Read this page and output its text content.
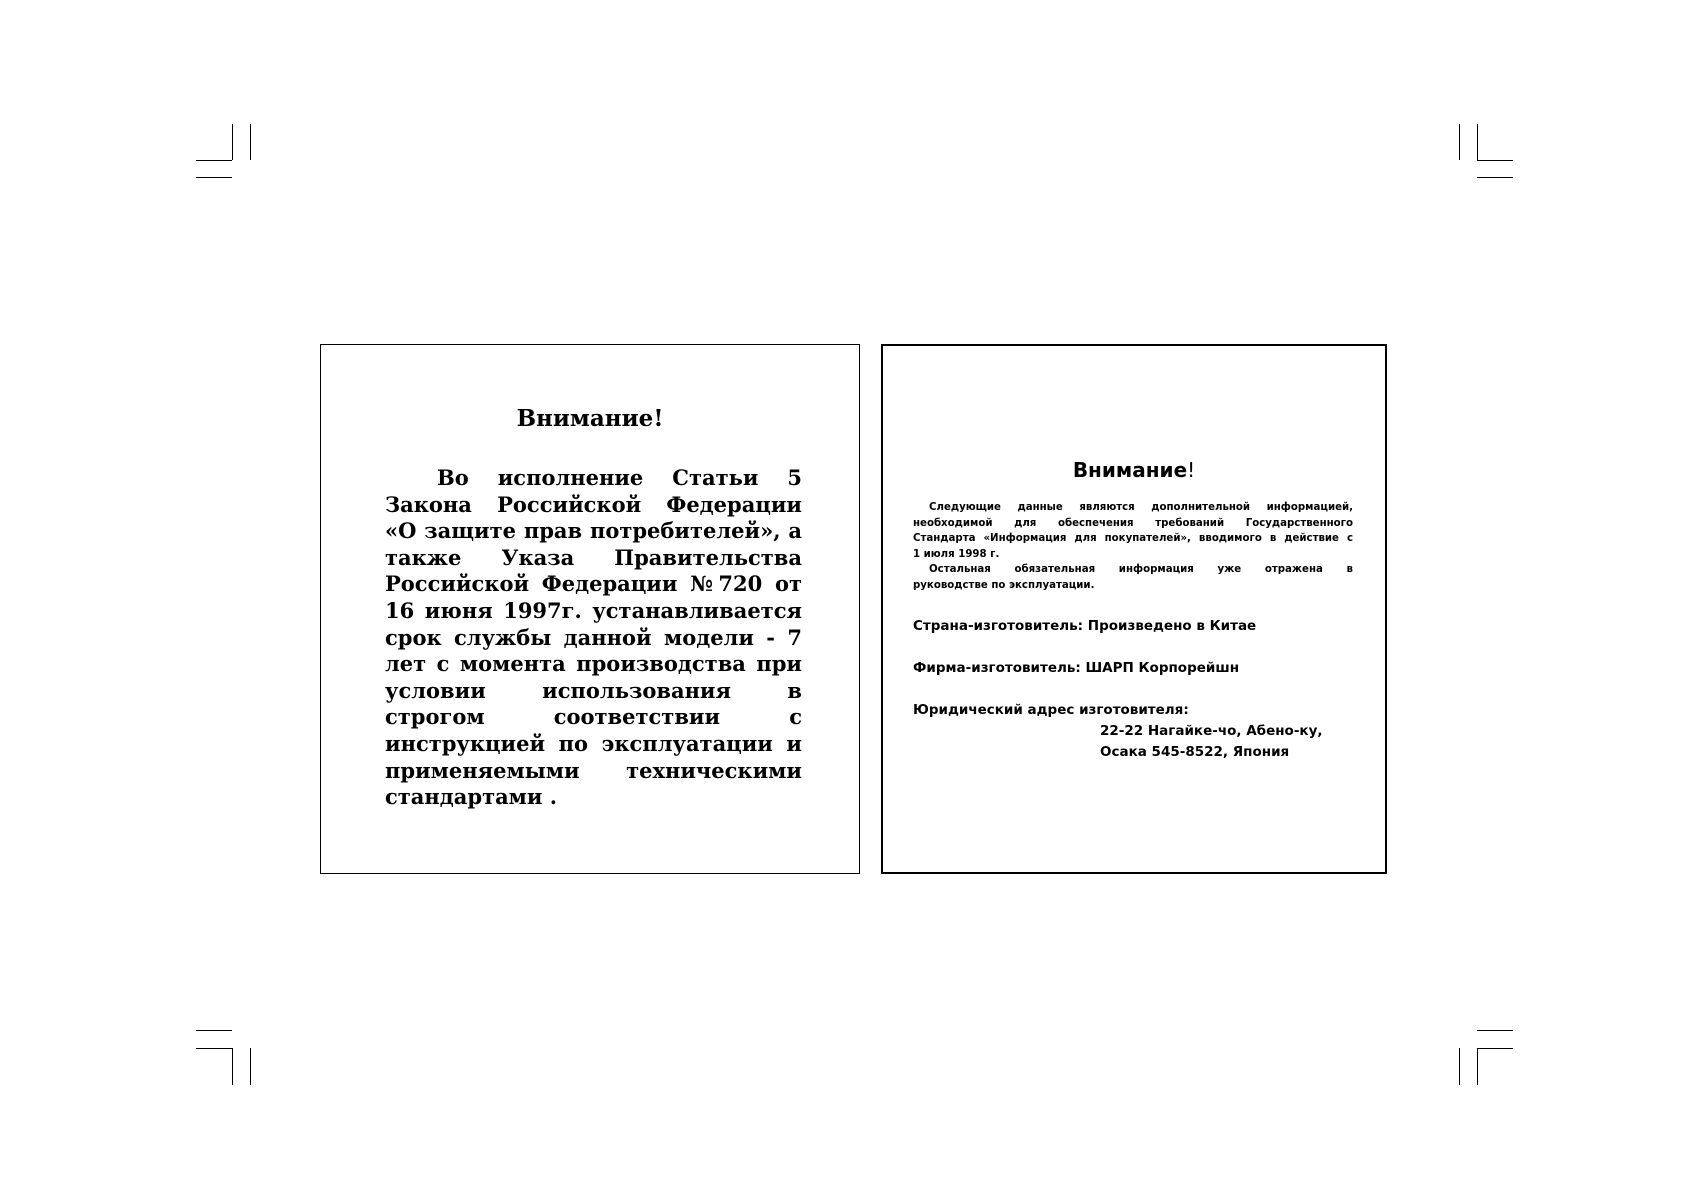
Внимание!
Во исполнение Статьи 5
Закона Российской Федерации
«О защите прав потребителей», а
также Указа Правительства
Российской Федерации №720 от
16 июня 1997г. устанавливается
срок службы данной модели - 7
лет с момента производства при
условии использования в
строгом соответствии с
инструкцией по эксплуатации и
применяемыми техническими
стандартами .
Внимание!
Следующие данные являются дополнительной информацией,
необходимой для обеспечения требований Государственного
Стандарта «Информация для покупателей», вводимого в действие с
1 июля 1998 г.
Остальная обязательная информация уже отражена в
руководстве по эксплуатации.
Страна-изготовитель: Произведено в Китае
Фирма-изготовитель: ШАРП Корпорейшн
Юридический адрес изготовителя:
22-22 Нагайке-чо, Абено-ку,
Осака 545-8522, Япония
